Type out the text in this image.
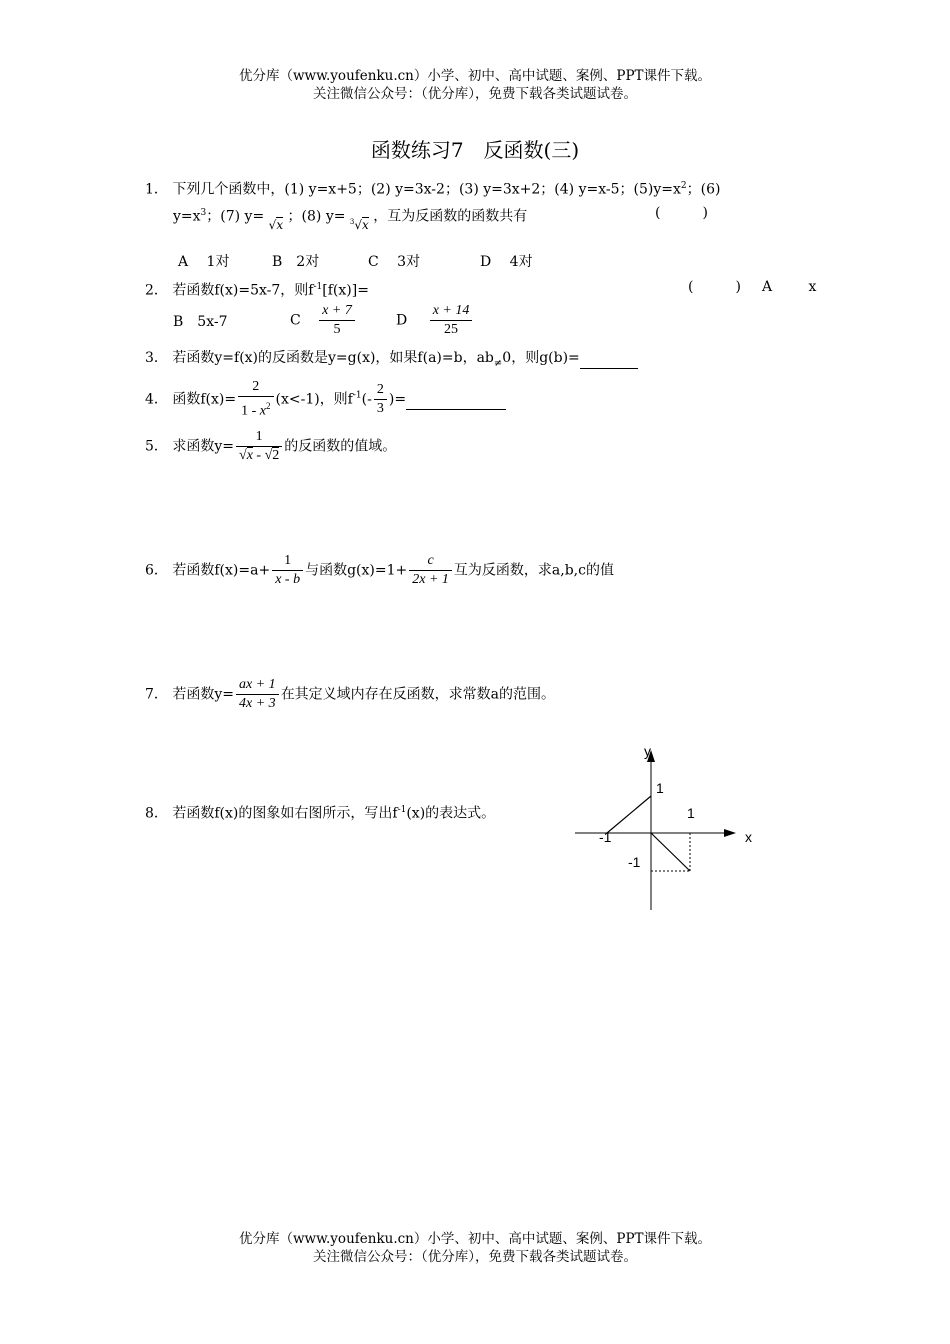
优分库（www.youfenku.cn）小学、初中、高中试题、案例、PPT课件下载。
关注微信公众号：（优分库），免费下载各类试题试卷。
函数练习7　反函数(三)
1． 下列几个函数中，(1) y=x+5；(2) y=3x-2；(3) y=3x+2；(4) y=x-5；$(5)y=x^2$；(6)
$y=x^3$；(7) y= √x ；(8) y= $^3$√x ，互为反函数的函数共有	(　　　)
A　 1对	B　2对	C　 3对	D　 4对
2． 若函数f(x)=5x-7，则$f^{-1}[f(x)]=$	(　　　) A　 x
B　5x-7	C $\frac{x + 7}{5}$	D $\frac{x + 14}{25}$
3． 若函数y=f(x)的反函数是y=g(x)，如果f(a)=b，$ab_\ne 0$，则g(b)=
4． 函数$f(x)= \frac{2}{1 - x^2} (x<-1)$，则$f^{-1}(- \frac{2}{3}$ )=
5． 求函数$y= \frac{1}{√x - √2}$ 的反函数的值域。
6． 若函数$f(x)=a+ \frac{1}{x - b}$ 与函数$g(x)=1+ \frac{c}{2x + 1}$ 互为反函数，求a,b,c的值
7． 若函数$y= \frac{ax + 1}{4x + 3}$ 在其定义域内存在反函数，求常数a的范围。
8． 若函数f(x)的图象如右图所示，写出$f^{-1}(x)$的表达式。
y
x
1
1
-1
-1
优分库（www.youfenku.cn）小学、初中、高中试题、案例、PPT课件下载。
关注微信公众号：（优分库），免费下载各类试题试卷。
